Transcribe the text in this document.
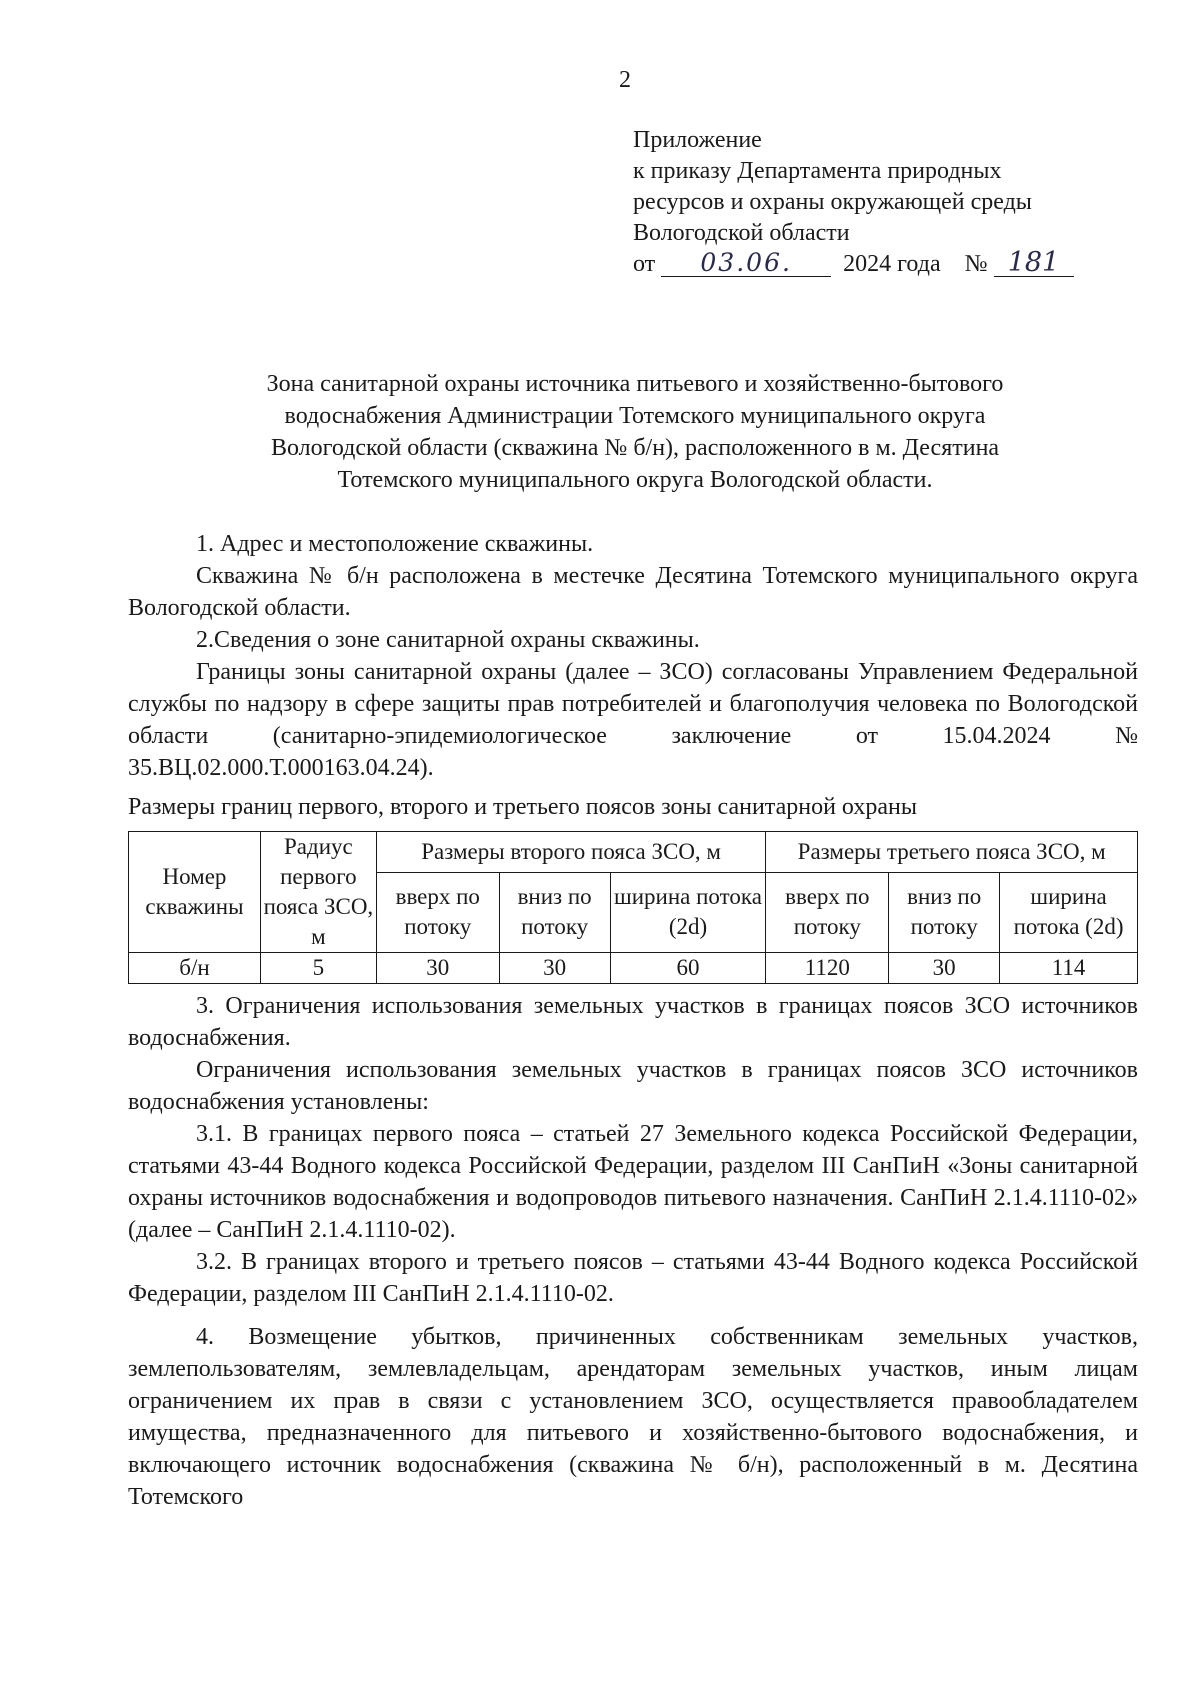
2
Приложение
к приказу Департамента природных
ресурсов и охраны окружающей среды
Вологодской области
от 03.06. 2024 года № 181
Зона санитарной охраны источника питьевого и хозяйственно-бытового
водоснабжения Администрации Тотемского муниципального округа
Вологодской области (скважина № б/н), расположенного в м. Десятина
Тотемского муниципального округа Вологодской области.

1. Адрес и местоположение скважины.

Скважина № б/н расположена в местечке Десятина Тотемского муниципального округа Вологодской области.

2.Сведения о зоне санитарной охраны скважины.

Границы зоны санитарной охраны (далее – ЗСО) согласованы Управлением Федеральной службы по надзору в сфере защиты прав потребителей и благополучия человека по Вологодской области (санитарно-эпидемиологическое заключение от 15.04.2024 № 35.ВЦ.02.000.Т.000163.04.24).

Размеры границ первого, второго и третьего поясов зоны санитарной охраны

Номер скважины	Радиус первого пояса ЗСО, м	Размеры второго пояса ЗСО, м			Размеры третьего пояса ЗСО, м		
		вверх по потоку	вниз по потоку	ширина потока (2d)	вверх по потоку	вниз по потоку	ширина потока (2d)
б/н	5	30	30	60	1120	30	114

3. Ограничения использования земельных участков в границах поясов ЗСО источников водоснабжения.

Ограничения использования земельных участков в границах поясов ЗСО источников водоснабжения установлены:

3.1. В границах первого пояса – статьей 27 Земельного кодекса Российской Федерации, статьями 43-44 Водного кодекса Российской Федерации, разделом III СанПиН «Зоны санитарной охраны источников водоснабжения и водопроводов питьевого назначения. СанПиН 2.1.4.1110-02» (далее – СанПиН 2.1.4.1110-02).

3.2. В границах второго и третьего поясов – статьями 43-44 Водного кодекса Российской Федерации, разделом III СанПиН 2.1.4.1110-02.

4. Возмещение убытков, причиненных собственникам земельных участков, землепользователям, землевладельцам, арендаторам земельных участков, иным лицам ограничением их прав в связи с установлением ЗСО, осуществляется правообладателем имущества, предназначенного для питьевого и хозяйственно-бытового водоснабжения, и включающего источник водоснабжения (скважина № б/н), расположенный в м. Десятина Тотемского
